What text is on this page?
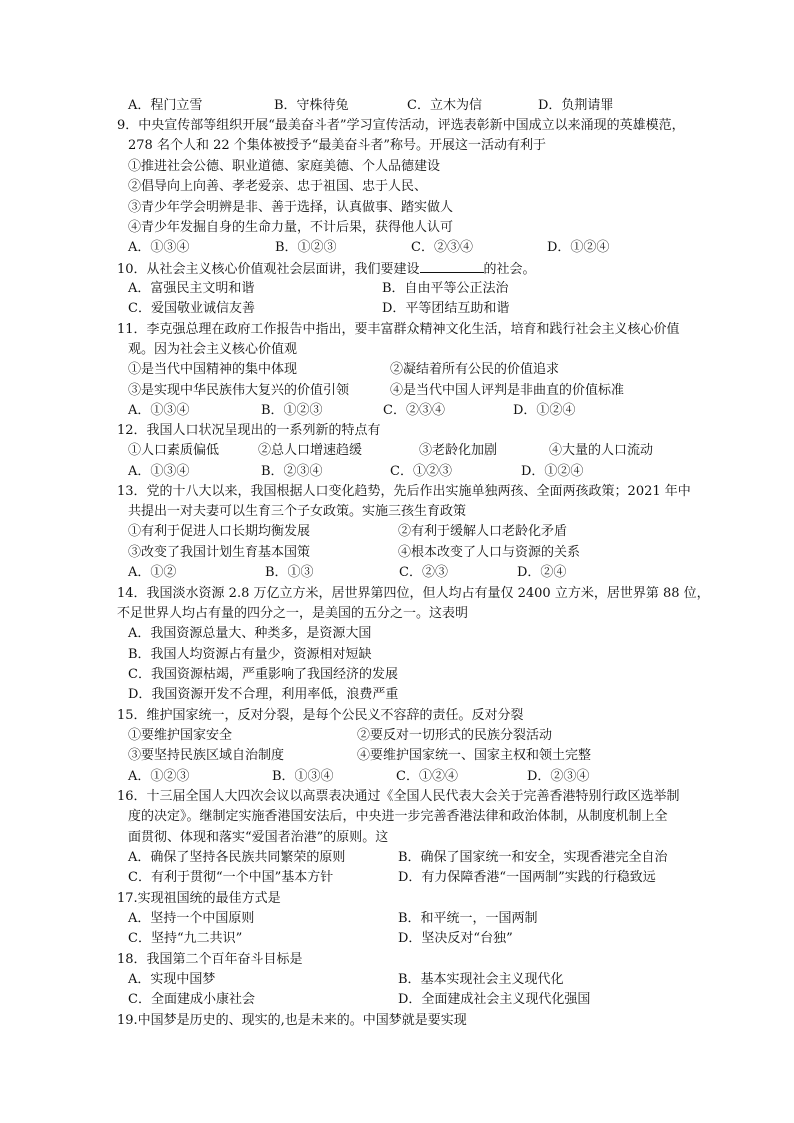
A．程门立雪	B．守株待兔	C．立木为信	D．负荆请罪
9．中央宣传部等组织开展“最美奋斗者”学习宣传活动，评选表彰新中国成立以来涌现的英雄模范，
278 名个人和 22 个集体被授予“最美奋斗者”称号。开展这一活动有利于
①推进社会公德、职业道德、家庭美德、个人品德建设
②倡导向上向善、孝老爱亲、忠于祖国、忠于人民、
③青少年学会明辨是非、善于选择，认真做事、踏实做人
④青少年发掘自身的生命力量，不计后果，获得他人认可
A．①③④	B．①②③	C．②③④	D．①②④
10．从社会主义核心价值观社会层面讲，我们要建设	的社会。
A．富强民主文明和谐	B．自由平等公正法治
C．爱国敬业诚信友善	D．平等团结互助和谐
11．李克强总理在政府工作报告中指出，要丰富群众精神文化生活，培育和践行社会主义核心价值
观。因为社会主义核心价值观
①是当代中国精神的集中体现	②凝结着所有公民的价值追求
③是实现中华民族伟大复兴的价值引领	④是当代中国人评判是非曲直的价值标准
A．①③④	B．①②③	C．②③④	D．①②④
12．我国人口状况呈现出的一系列新的特点有
①人口素质偏低	②总人口增速趋缓	③老龄化加剧	④大量的人口流动
A．①③④	B．②③④	C．①②③	D．①②④
13．党的十八大以来，我国根据人口变化趋势，先后作出实施单独两孩、全面两孩政策；2021 年中
共提出一对夫妻可以生育三个子女政策。实施三孩生育政策
①有利于促进人口长期均衡发展	②有利于缓解人口老龄化矛盾
③改变了我国计划生育基本国策	④根本改变了人口与资源的关系
A．①②	B．①③	C．②③	D．②④
14．我国淡水资源 2.8 万亿立方米，居世界第四位，但人均占有量仅 2400 立方米，居世界第 88 位，
不足世界人均占有量的四分之一，是美国的五分之一。这表明
A．我国资源总量大、种类多，是资源大国
B．我国人均资源占有量少，资源相对短缺
C．我国资源枯竭，严重影响了我国经济的发展
D．我国资源开发不合理，利用率低，浪费严重
15．维护国家统一，反对分裂，是每个公民义不容辞的责任。反对分裂
①要维护国家安全	②要反对一切形式的民族分裂活动
③要坚持民族区域自治制度	④要维护国家统一、国家主权和领土完整
A．①②③	B．①③④	C．①②④	D．②③④
16．十三届全国人大四次会议以高票表决通过《全国人民代表大会关于完善香港特别行政区选举制
度的决定》。继制定实施香港国安法后，中央进一步完善香港法律和政治体制，从制度机制上全
面贯彻、体现和落实“爱国者治港”的原则。这
A．确保了坚持各民族共同繁荣的原则	B．确保了国家统一和安全，实现香港完全自治
C．有利于贯彻“一个中国”基本方针	D．有力保障香港“一国两制”实践的行稳致远
17.实现祖国统的最佳方式是
A．坚持一个中国原则	B．和平统一，一国两制
C．坚持“九二共识”	D．坚决反对“台独”
18．我国第二个百年奋斗目标是
A．实现中国梦	B．基本实现社会主义现代化
C．全面建成小康社会	D．全面建成社会主义现代化强国
19.中国梦是历史的、现实的,也是未来的。中国梦就是要实现
